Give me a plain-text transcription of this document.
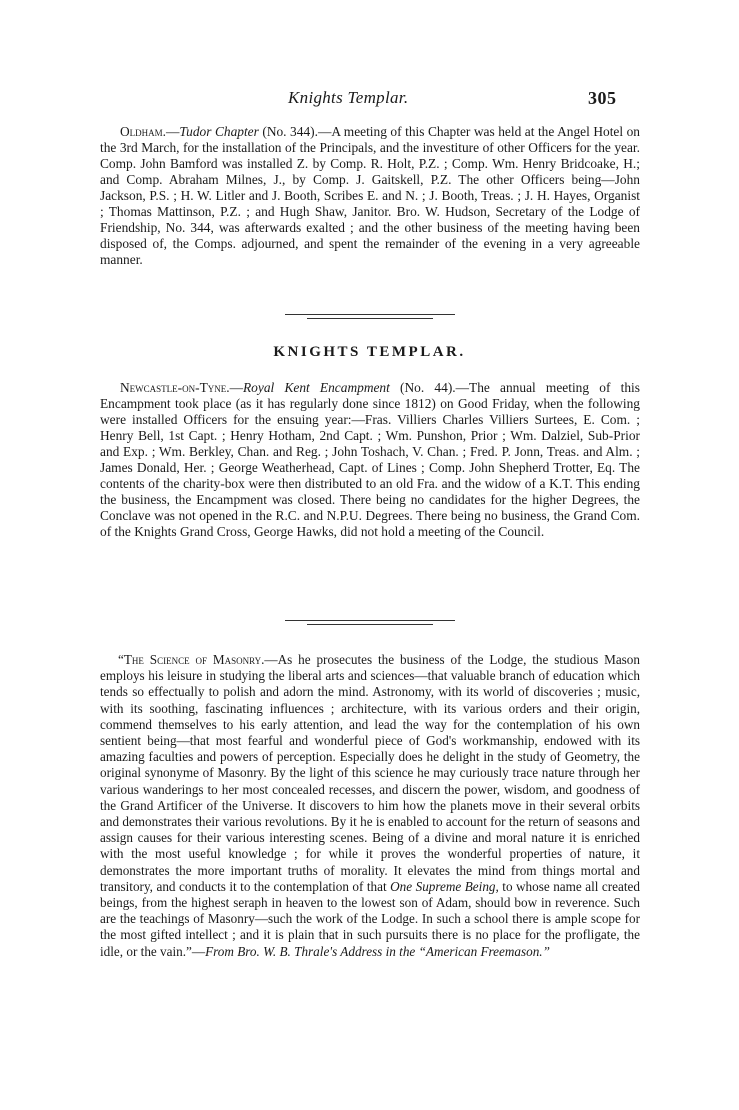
Knights Templar.	305

Oldham.—Tudor Chapter (No. 344).—A meeting of this Chapter was held at the Angel Hotel on the 3rd March, for the installation of the Principals, and the investiture of other Officers for the year. Comp. John Bamford was installed Z. by Comp. R. Holt, P.Z. ; Comp. Wm. Henry Bridcoake, H.; and Comp. Abraham Milnes, J., by Comp. J. Gaitskell, P.Z. The other Officers being—John Jackson, P.S. ; H. W. Litler and J. Booth, Scribes E. and N. ; J. Booth, Treas. ; J. H. Hayes, Organist ; Thomas Mattinson, P.Z. ; and Hugh Shaw, Janitor. Bro. W. Hudson, Secretary of the Lodge of Friendship, No. 344, was afterwards exalted ; and the other business of the meeting having been disposed of, the Comps. adjourned, and spent the remainder of the evening in a very agreeable manner.

KNIGHTS TEMPLAR.

Newcastle-on-Tyne.—Royal Kent Encampment (No. 44).—The annual meeting of this Encampment took place (as it has regularly done since 1812) on Good Friday, when the following were installed Officers for the ensuing year:—Fras. Villiers Charles Villiers Surtees, E. Com. ; Henry Bell, 1st Capt. ; Henry Hotham, 2nd Capt. ; Wm. Punshon, Prior ; Wm. Dalziel, Sub-Prior and Exp. ; Wm. Berkley, Chan. and Reg. ; John Toshach, V. Chan. ; Fred. P. Jonn, Treas. and Alm. ; James Donald, Her. ; George Weatherhead, Capt. of Lines ; Comp. John Shepherd Trotter, Eq. The contents of the charity-box were then distributed to an old Fra. and the widow of a K.T. This ending the business, the Encampment was closed. There being no candidates for the higher Degrees, the Conclave was not opened in the R.C. and N.P.U. Degrees. There being no business, the Grand Com. of the Knights Grand Cross, George Hawks, did not hold a meeting of the Council.

“The Science of Masonry.—As he prosecutes the business of the Lodge, the studious Mason employs his leisure in studying the liberal arts and sciences—that valuable branch of education which tends so effectually to polish and adorn the mind. Astronomy, with its world of discoveries ; music, with its soothing, fascinating influences ; architecture, with its various orders and their origin, commend themselves to his early attention, and lead the way for the contemplation of his own sentient being—that most fearful and wonderful piece of God's workmanship, endowed with its amazing faculties and powers of perception. Especially does he delight in the study of Geometry, the original synonyme of Masonry. By the light of this science he may curiously trace nature through her various wanderings to her most concealed recesses, and discern the power, wisdom, and goodness of the Grand Artificer of the Universe. It discovers to him how the planets move in their several orbits and demonstrates their various revolutions. By it he is enabled to account for the return of seasons and assign causes for their various interesting scenes. Being of a divine and moral nature it is enriched with the most useful knowledge ; for while it proves the wonderful properties of nature, it demonstrates the more important truths of morality. It elevates the mind from things mortal and transitory, and conducts it to the contemplation of that One Supreme Being, to whose name all created beings, from the highest seraph in heaven to the lowest son of Adam, should bow in reverence. Such are the teachings of Masonry—such the work of the Lodge. In such a school there is ample scope for the most gifted intellect ; and it is plain that in such pursuits there is no place for the profligate, the idle, or the vain.”—From Bro. W. B. Thrale's Address in the “American Freemason.”
